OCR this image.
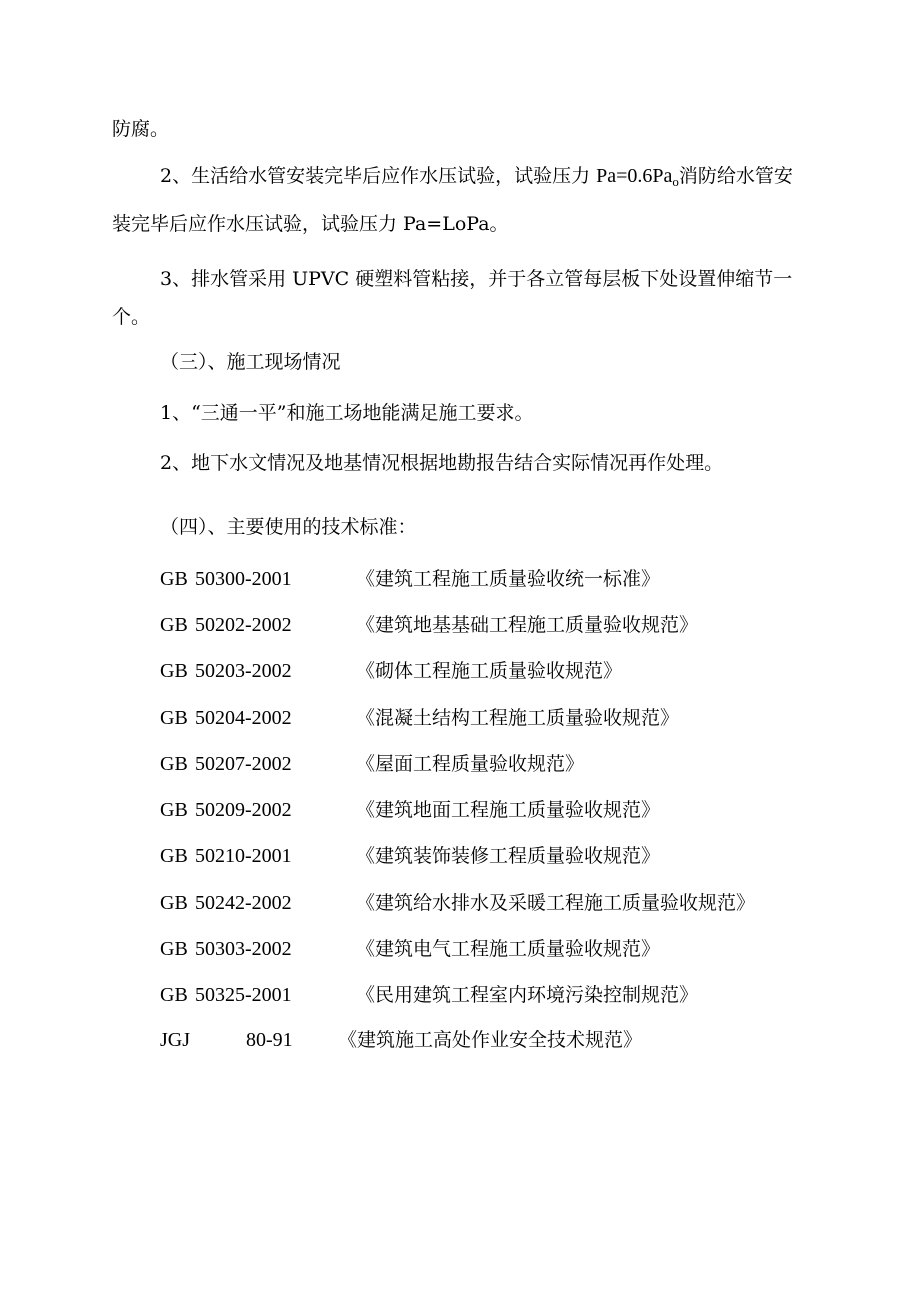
防腐。
2、生活给水管安装完毕后应作水压试验，试验压力 $Pa=0.6Pa_o$消防给水管安
装完毕后应作水压试验，试验压力 Pa=LoPa。
3、排水管采用 UPVC 硬塑料管粘接，并于各立管每层板下处设置伸缩节一
个。
（三）、施工现场情况
1、“三通一平”和施工场地能满足施工要求。
2、地下水文情况及地基情况根据地勘报告结合实际情况再作处理。
（四）、主要使用的技术标准：
GB 50300-2001	《建筑工程施工质量验收统一标准》
GB 50202-2002	《建筑地基基础工程施工质量验收规范》
GB 50203-2002	《砌体工程施工质量验收规范》
GB 50204-2002	《混凝土结构工程施工质量验收规范》
GB 50207-2002	《屋面工程质量验收规范》
GB 50209-2002	《建筑地面工程施工质量验收规范》
GB 50210-2001	《建筑装饰装修工程质量验收规范》
GB 50242-2002	《建筑给水排水及采暖工程施工质量验收规范》
GB 50303-2002	《建筑电气工程施工质量验收规范》
GB 50325-2001	《民用建筑工程室内环境污染控制规范》
JGJ	80-91 《建筑施工高处作业安全技术规范》
